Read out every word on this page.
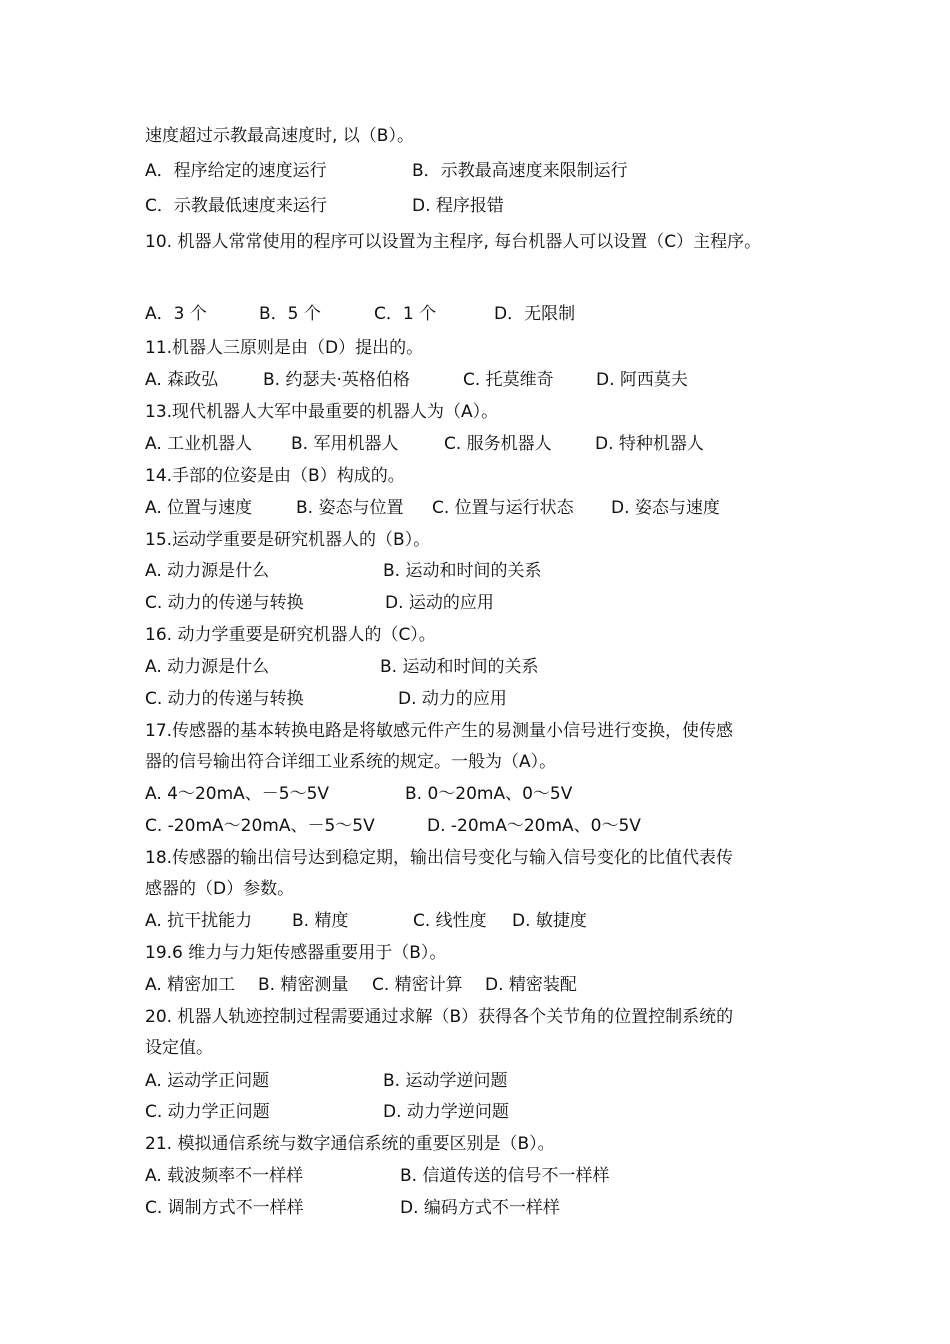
速度超过示教最高速度时, 以（B）。
A．程序给定的速度运行	B．示教最高速度来限制运行
C．示教最低速度来运行	D. 程序报错
10. 机器人常常使用的程序可以设置为主程序, 每台机器人可以设置（C）主程序。
A．3 个	B．5 个	C．1 个	D．无限制
11.机器人三原则是由（D）提出的。
A. 森政弘	B. 约瑟夫·英格伯格	C. 托莫维奇 D. 阿西莫夫
13.现代机器人大军中最重要的机器人为（A）。
A. 工业机器人 B. 军用机器人	C. 服务机器人	D. 特种机器人
14.手部的位姿是由（B）构成的。
A. 位置与速度	B. 姿态与位置 C. 位置与运行状态 D. 姿态与速度
15.运动学重要是研究机器人的（B）。
A. 动力源是什么	B. 运动和时间的关系
C. 动力的传递与转换	D. 运动的应用
16. 动力学重要是研究机器人的（C）。
A. 动力源是什么	B. 运动和时间的关系
C. 动力的传递与转换	D. 动力的应用
17.传感器的基本转换电路是将敏感元件产生的易测量小信号进行变换，使传感
器的信号输出符合详细工业系统的规定。一般为（A）。
A. 4～20mA、－5～5V	B. 0～20mA、0～5V
C. -20mA～20mA、－5～5V	D. -20mA～20mA、0～5V
18.传感器的输出信号达到稳定期，输出信号变化与输入信号变化的比值代表传
感器的（D）参数。
A. 抗干扰能力 B. 精度	C. 线性度 D. 敏捷度
19.6 维力与力矩传感器重要用于（B）。
A. 精密加工 B. 精密测量 C. 精密计算 D. 精密装配
20. 机器人轨迹控制过程需要通过求解（B）获得各个关节角的位置控制系统的
设定值。
A. 运动学正问题	B. 运动学逆问题
C. 动力学正问题	D. 动力学逆问题
21. 模拟通信系统与数字通信系统的重要区别是（B）。
A. 载波频率不一样样	B. 信道传送的信号不一样样
C. 调制方式不一样样	D. 编码方式不一样样
